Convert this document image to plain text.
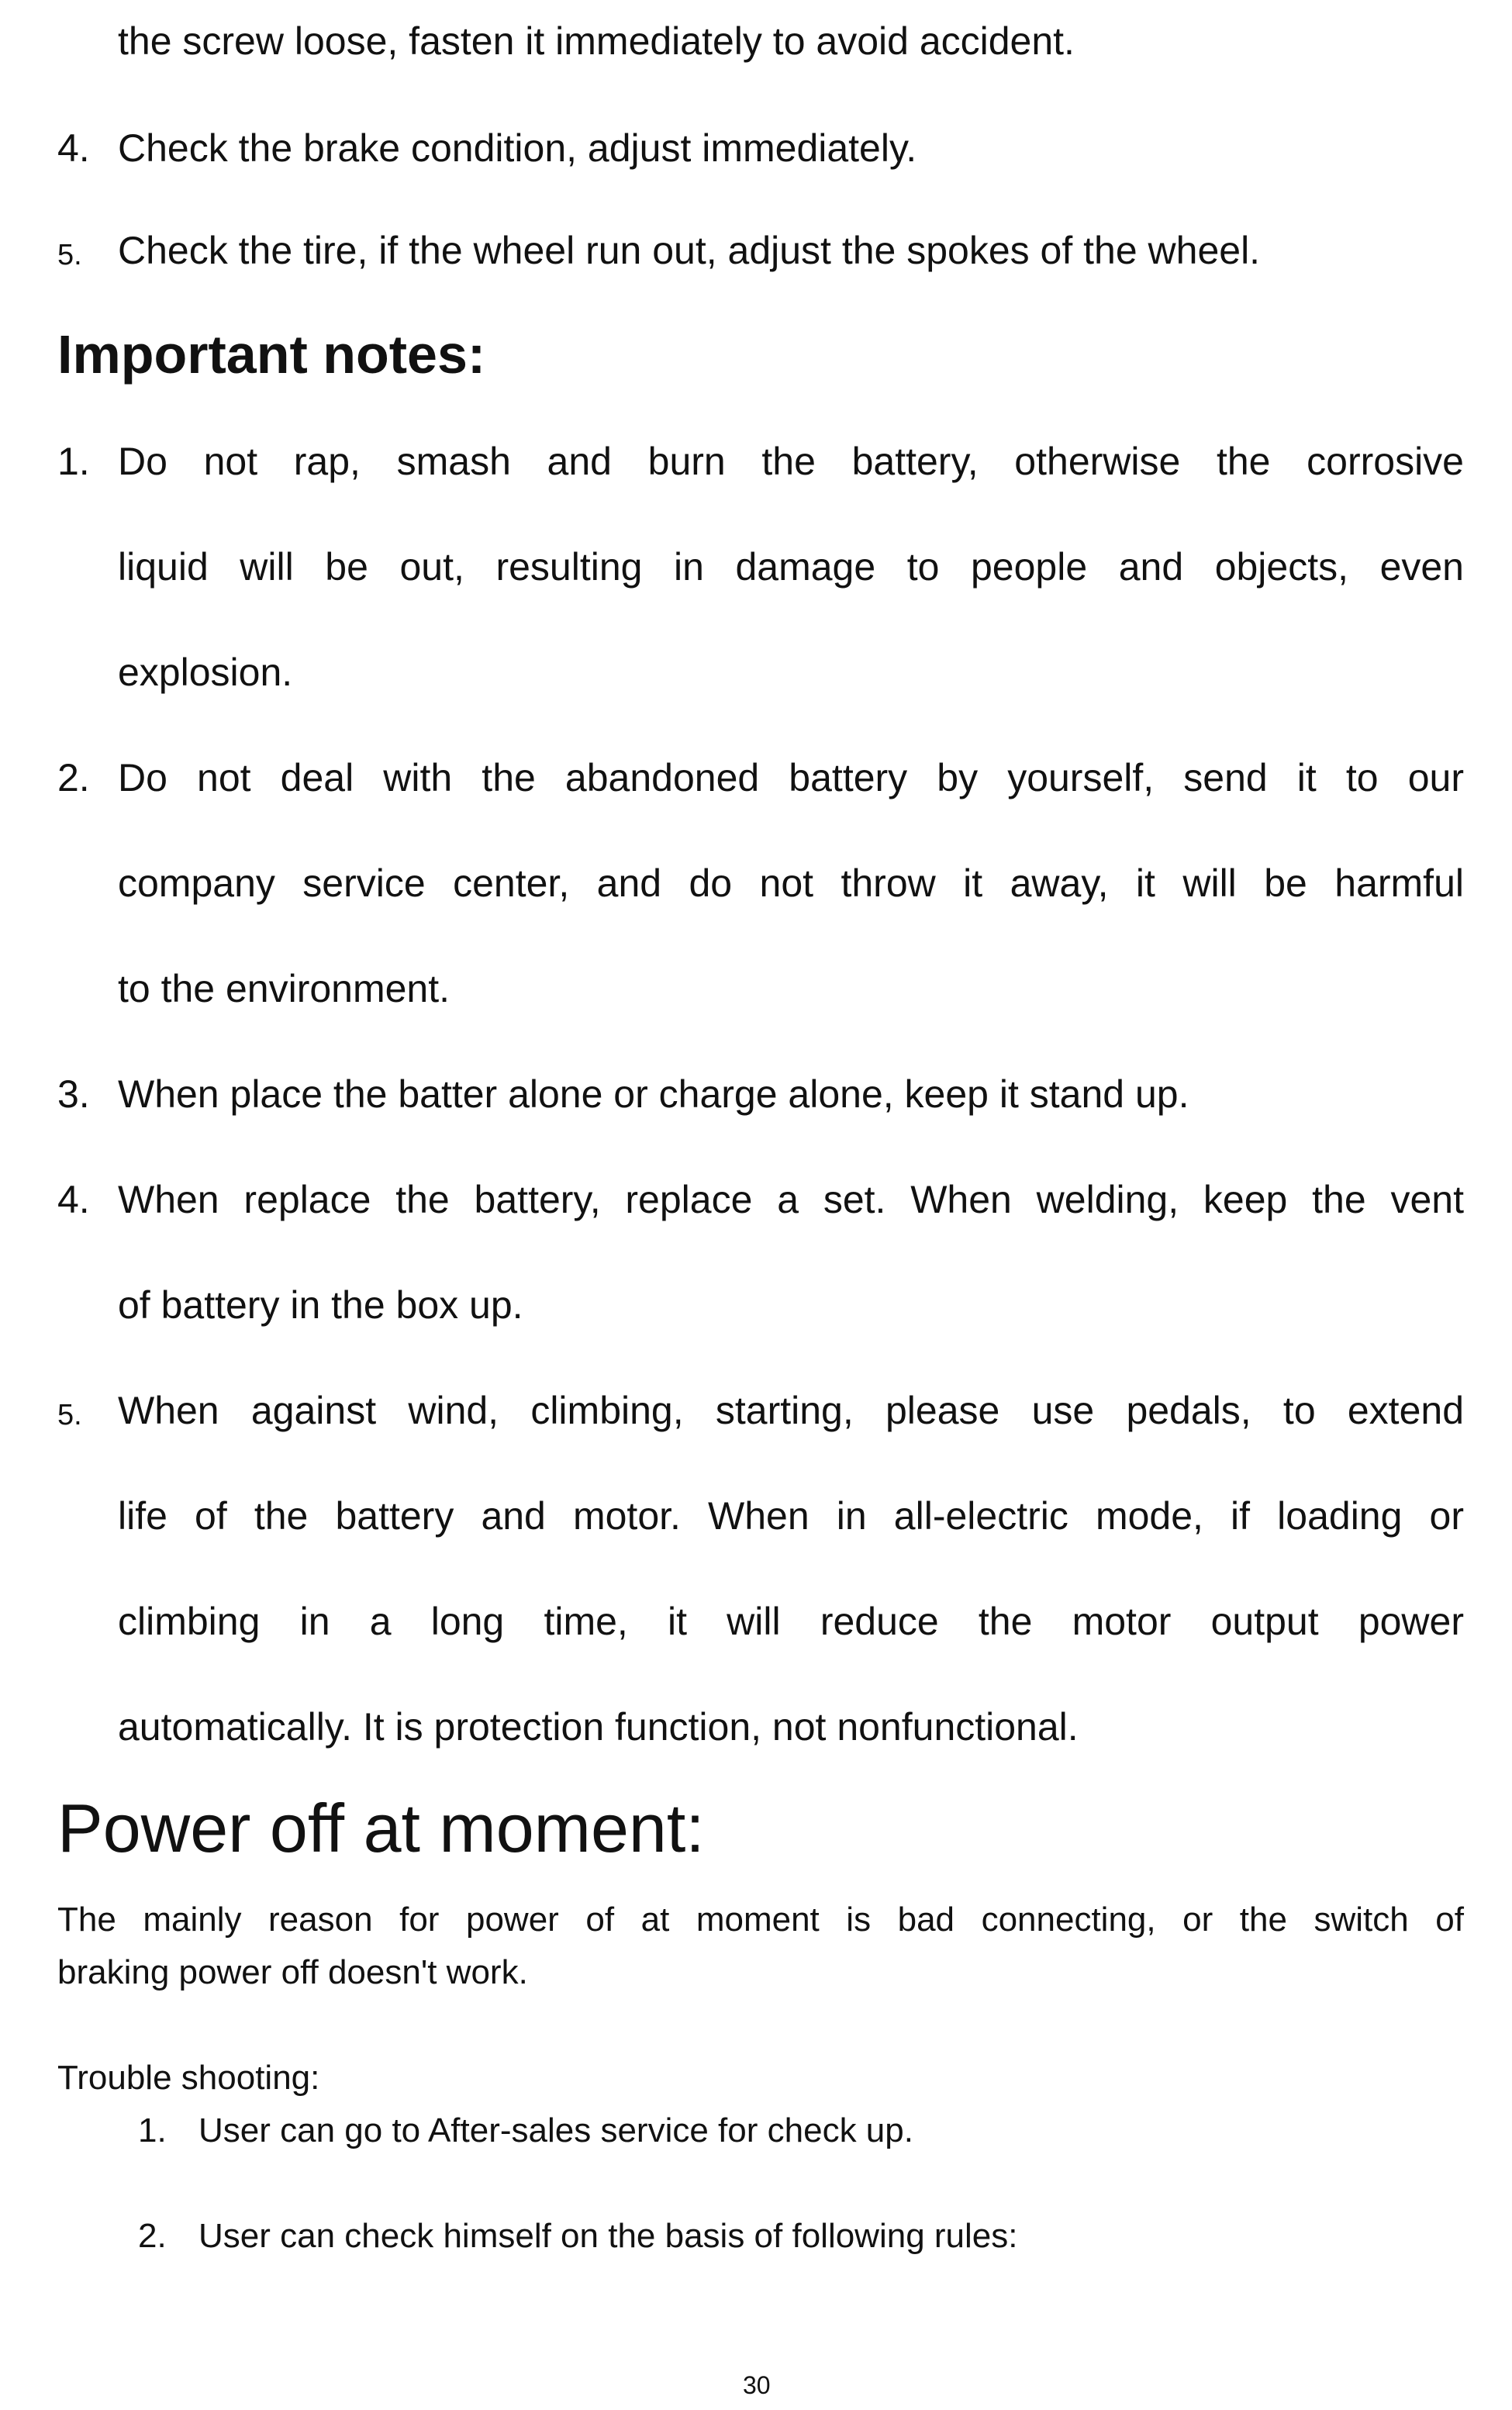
the screw loose, fasten it immediately to avoid accident.

4. Check the brake condition, adjust immediately.

5. Check the tire, if the wheel run out, adjust the spokes of the wheel.

Important notes:
1. Do not rap, smash and burn the battery, otherwise the corrosive

liquid will be out, resulting in damage to people and objects, even

explosion.

2. Do not deal with the abandoned battery by yourself, send it to our

company service center, and do not throw it away, it will be harmful

to the environment.

3. When place the batter alone or charge alone, keep it stand up.

4. When replace the battery, replace a set. When welding, keep the vent

of battery in the box up.

5. When against wind, climbing, starting, please use pedals, to extend

life of the battery and motor. When in all-electric mode, if loading or

climbing in a long time, it will reduce the motor output power

automatically. It is protection function, not nonfunctional.

Power off at moment:

The mainly reason for power of at moment is bad connecting, or the switch of

braking power off doesn't work.

Trouble shooting:

1. User can go to After-sales service for check up.

2. User can check himself on the basis of following rules:

30
